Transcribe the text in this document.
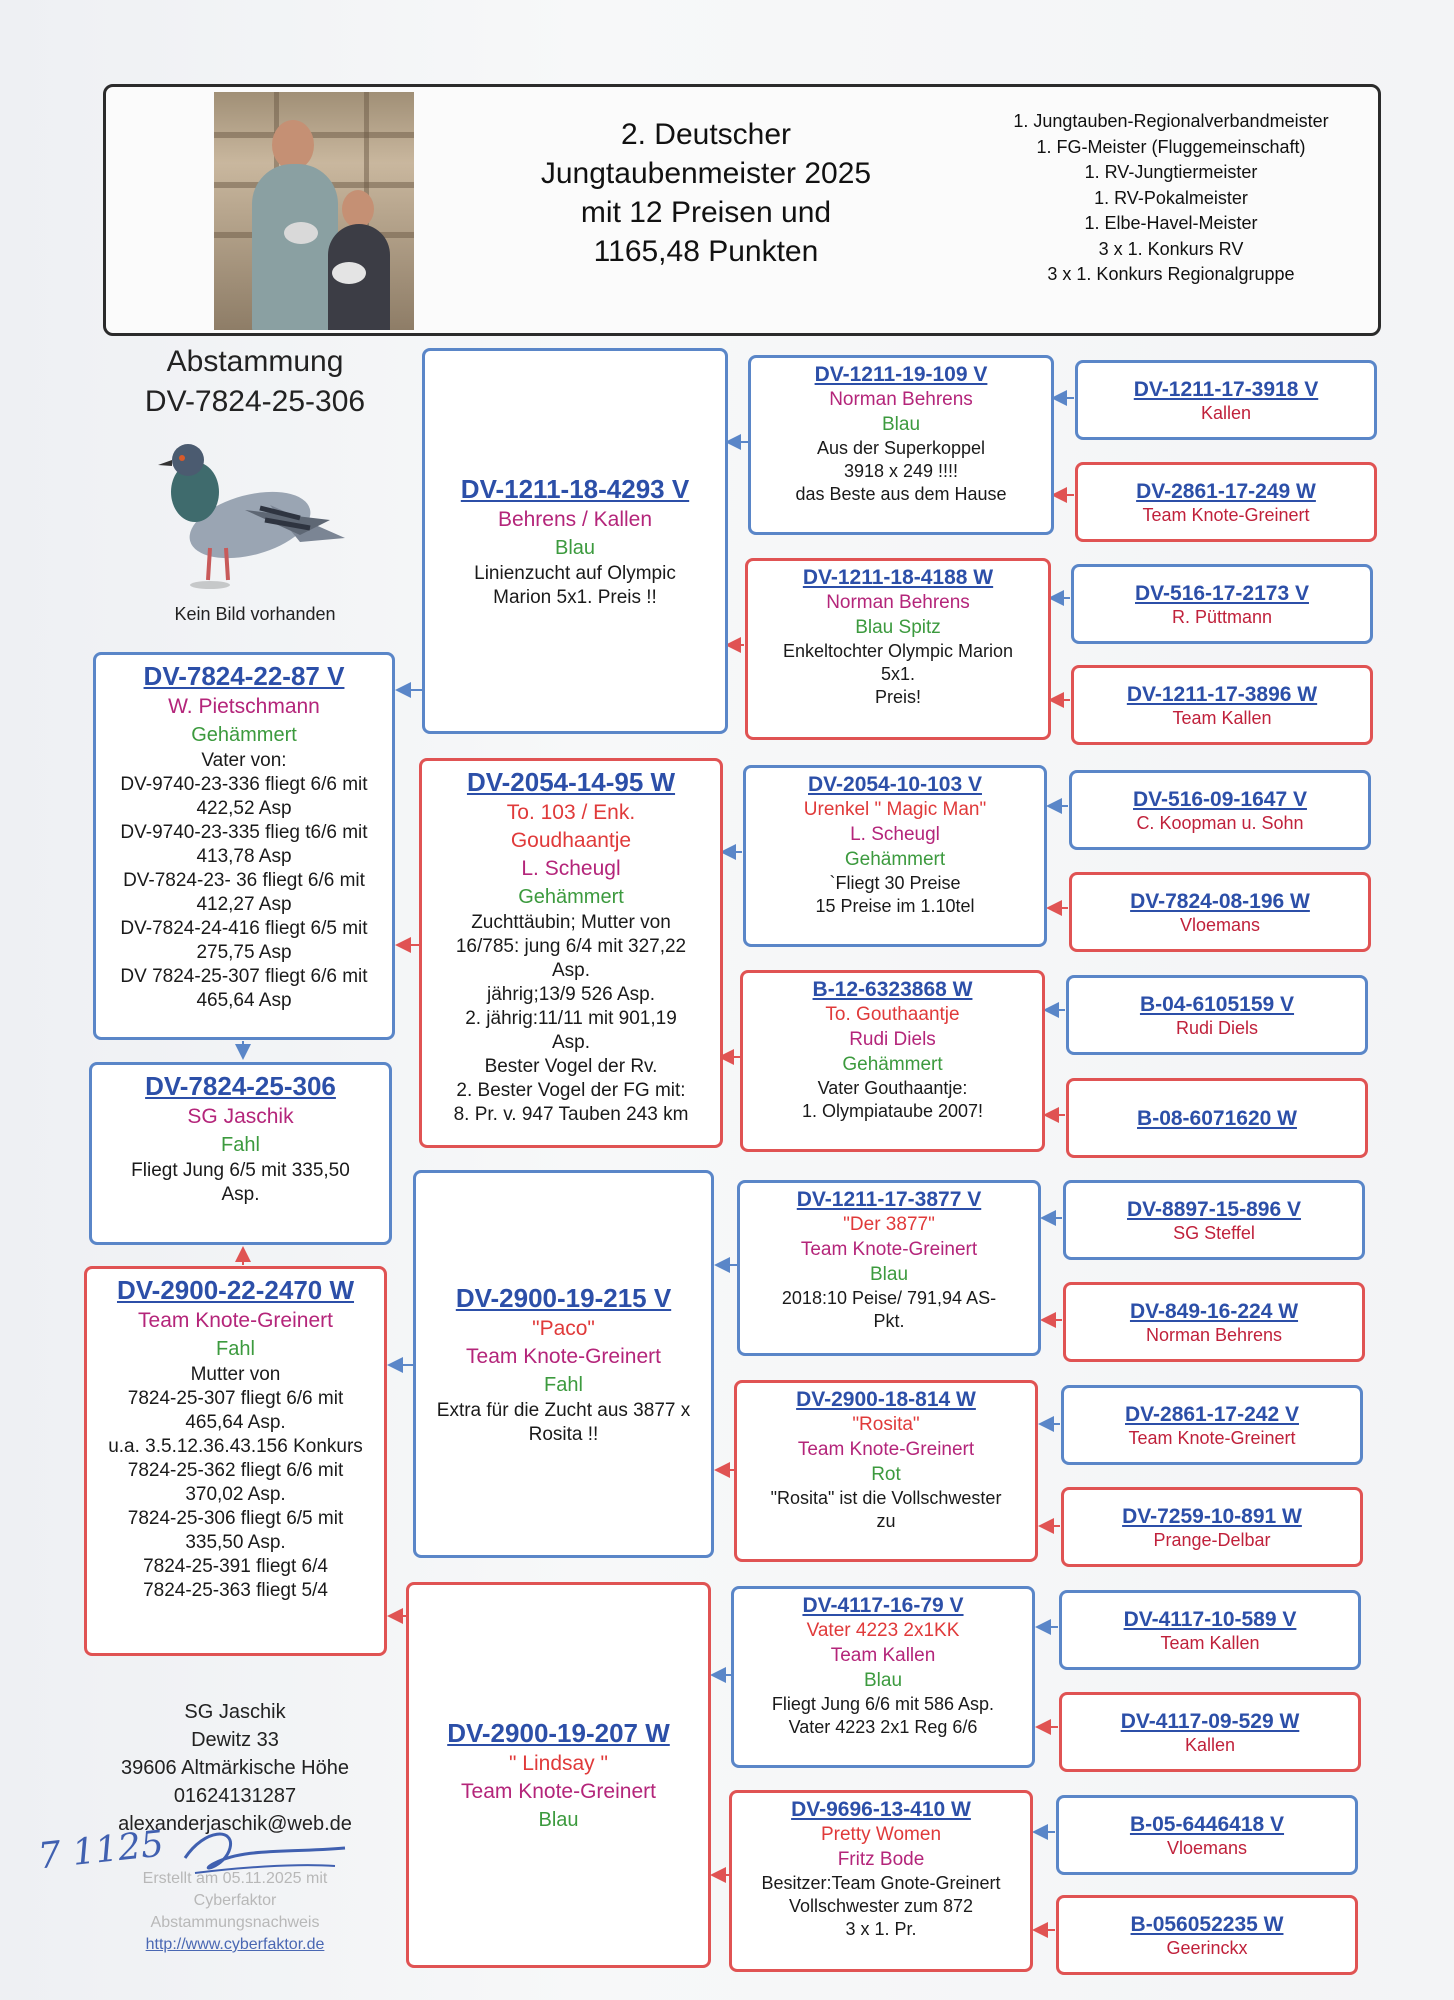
2. Deutscher
Jungtaubenmeister 2025
mit 12 Preisen und
1165,48 Punkten
1. Jungtauben-Regionalverbandmeister
1. FG-Meister (Fluggemeinschaft)
1. RV-Jungtiermeister
1. RV-Pokalmeister
1. Elbe-Havel-Meister
3 x 1. Konkurs RV
3 x 1. Konkurs Regionalgruppe
Abstammung
DV-7824-25-306
Kein Bild vorhanden
DV-7824-22-87 V
W. Pietschmann
Gehämmert
Vater von:
DV-9740-23-336 fliegt 6/6 mit
422,52 Asp
DV-9740-23-335 flieg t6/6 mit
413,78 Asp
DV-7824-23- 36 fliegt 6/6 mit
412,27 Asp
DV-7824-24-416 fliegt 6/5 mit
275,75 Asp
DV 7824-25-307 fliegt 6/6 mit
465,64 Asp
DV-7824-25-306
SG Jaschik
Fahl
Fliegt Jung 6/5 mit 335,50
Asp.
DV-2900-22-2470 W
Team Knote-Greinert
Fahl
Mutter von
7824-25-307 fliegt 6/6 mit
465,64 Asp.
u.a. 3.5.12.36.43.156 Konkurs
7824-25-362 fliegt 6/6 mit
370,02 Asp.
7824-25-306 fliegt 6/5 mit
335,50 Asp.
7824-25-391 fliegt 6/4
7824-25-363 fliegt 5/4
DV-1211-18-4293 V
Behrens / Kallen
Blau
Linienzucht auf Olympic
Marion 5x1. Preis !!
DV-2054-14-95 W
To. 103 / Enk.
Goudhaantje
L. Scheugl
Gehämmert
Zuchttäubin; Mutter von
16/785: jung 6/4 mit 327,22
Asp.
jährig;13/9 526 Asp.
2. jährig:11/11 mit 901,19
Asp.
Bester Vogel der Rv.
2. Bester Vogel der FG mit:
8. Pr. v. 947 Tauben 243 km
DV-2900-19-215 V
"Paco"
Team Knote-Greinert
Fahl
Extra für die Zucht aus 3877 x
Rosita !!
DV-2900-19-207 W
" Lindsay "
Team Knote-Greinert
Blau
DV-1211-19-109 V
Norman Behrens
Blau
Aus der Superkoppel
3918 x 249 !!!!
das Beste aus dem Hause
DV-1211-18-4188 W
Norman Behrens
Blau Spitz
Enkeltochter Olympic Marion
5x1.
Preis!
DV-2054-10-103 V
Urenkel " Magic Man"
L. Scheugl
Gehämmert
`Fliegt 30 Preise
15 Preise im 1.10tel
B-12-6323868 W
To. Gouthaantje
Rudi Diels
Gehämmert
Vater Gouthaantje:
1. Olympiataube 2007!
DV-1211-17-3877 V
"Der 3877"
Team Knote-Greinert
Blau
2018:10 Peise/ 791,94 AS-
Pkt.
DV-2900-18-814 W
"Rosita"
Team Knote-Greinert
Rot
"Rosita" ist die Vollschwester
zu
DV-4117-16-79 V
Vater 4223 2x1KK
Team Kallen
Blau
Fliegt Jung 6/6 mit 586 Asp.
Vater 4223 2x1 Reg 6/6
DV-9696-13-410 W
Pretty Women
Fritz Bode
Besitzer:Team Gnote-Greinert
Vollschwester zum 872
3 x 1. Pr.
DV-1211-17-3918 V
Kallen
DV-2861-17-249 W
Team Knote-Greinert
DV-516-17-2173 V
R. Püttmann
DV-1211-17-3896 W
Team Kallen
DV-516-09-1647 V
C. Koopman u. Sohn
DV-7824-08-196 W
Vloemans
B-04-6105159 V
Rudi Diels
B-08-6071620 W
DV-8897-15-896 V
SG Steffel
DV-849-16-224 W
Norman Behrens
DV-2861-17-242 V
Team Knote-Greinert
DV-7259-10-891 W
Prange-Delbar
DV-4117-10-589 V
Team Kallen
DV-4117-09-529 W
Kallen
B-05-6446418 V
Vloemans
B-056052235 W
Geerinckx
SG Jaschik
Dewitz 33
39606 Altmärkische Höhe
01624131287
alexanderjaschik@web.de
7 1125
Erstellt am 05.11.2025 mit
Cyberfaktor
Abstammungsnachweis
http://www.cyberfaktor.de
